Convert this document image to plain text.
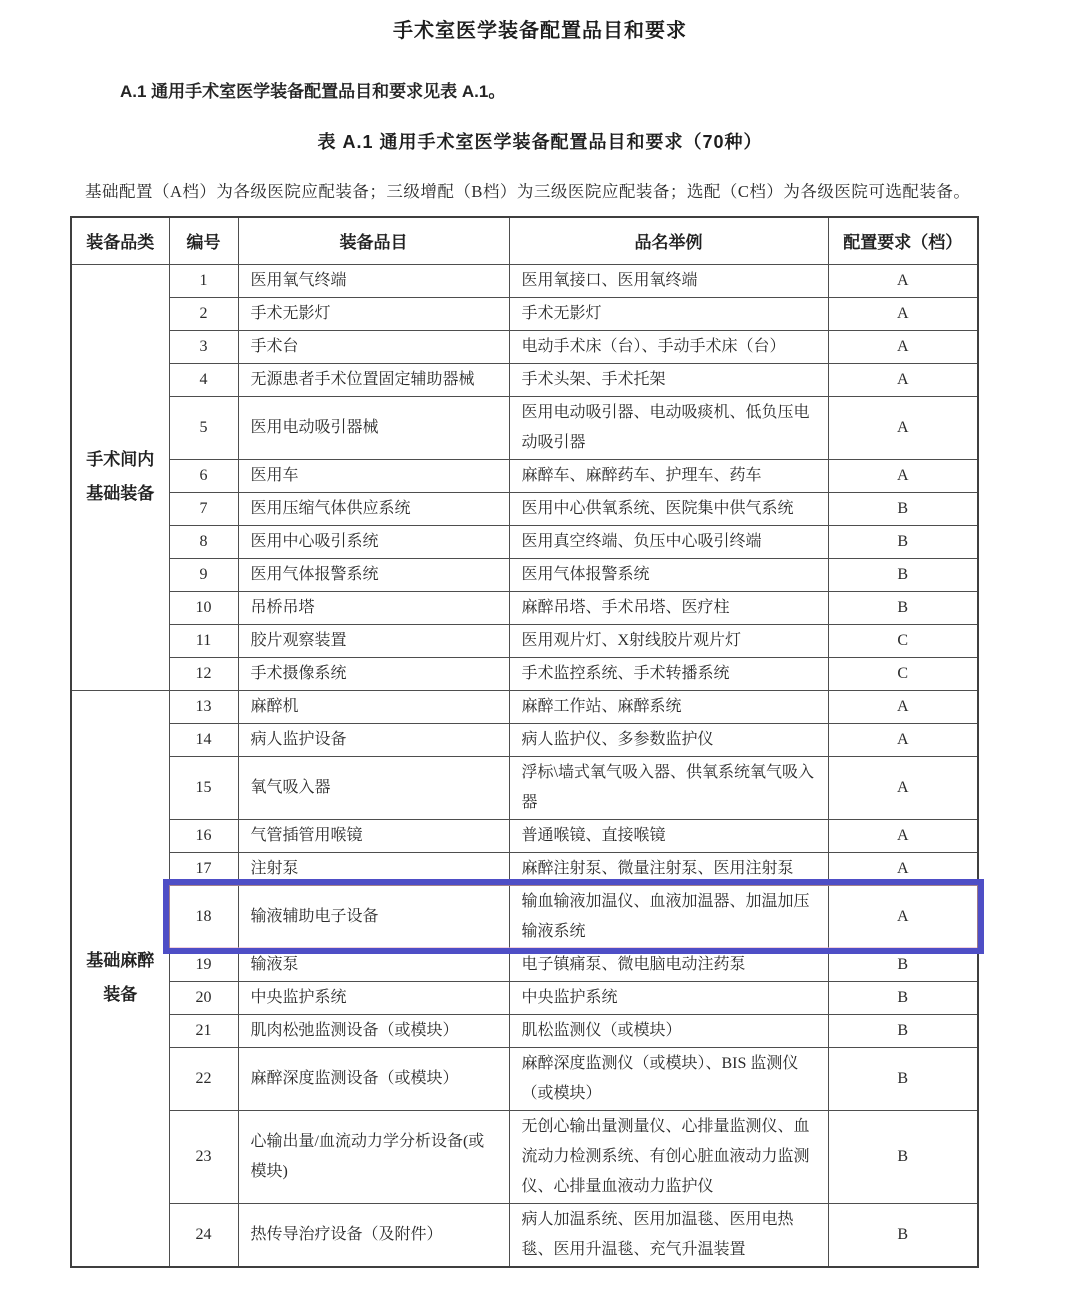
手术室医学装备配置品目和要求

A.1 通用手术室医学装备配置品目和要求见表 A.1。

表 A.1 通用手术室医学装备配置品目和要求（70种）

基础配置（A档）为各级医院应配装备；三级增配（B档）为三级医院应配装备；选配（C档）为各级医院可选配装备。

装备品类	编号	装备品目	品名举例	配置要求（档）

手术间内
基础装备	1	医用氧气终端	医用氧接口、医用氧终端	A
	2	手术无影灯	手术无影灯	A
	3	手术台	电动手术床（台）、手动手术床（台）	A
	4	无源患者手术位置固定辅助器械	手术头架、手术托架	A
	5	医用电动吸引器械	医用电动吸引器、电动吸痰机、低负压电动吸引器	A
	6	医用车	麻醉车、麻醉药车、护理车、药车	A
	7	医用压缩气体供应系统	医用中心供氧系统、医院集中供气系统	B
	8	医用中心吸引系统	医用真空终端、负压中心吸引终端	B
	9	医用气体报警系统	医用气体报警系统	B
	10	吊桥吊塔	麻醉吊塔、手术吊塔、医疗柱	B
	11	胶片观察装置	医用观片灯、X射线胶片观片灯	C
	12	手术摄像系统	手术监控系统、手术转播系统	C

基础麻醉
装备	13	麻醉机	麻醉工作站、麻醉系统	A
	14	病人监护设备	病人监护仪、多参数监护仪	A
	15	氧气吸入器	浮标\墙式氧气吸入器、供氧系统氧气吸入器	A
	16	气管插管用喉镜	普通喉镜、直接喉镜	A
	17	注射泵	麻醉注射泵、微量注射泵、医用注射泵	A
	18	输液辅助电子设备	输血输液加温仪、血液加温器、加温加压输液系统	A
	19	输液泵	电子镇痛泵、微电脑电动注药泵	B
	20	中央监护系统	中央监护系统	B
	21	肌肉松弛监测设备（或模块）	肌松监测仪（或模块）	B
	22	麻醉深度监测设备（或模块）	麻醉深度监测仪（或模块）、BIS 监测仪（或模块）	B
	23	心输出量/血流动力学分析设备(或模块)	无创心输出量测量仪、心排量监测仪、血流动力检测系统、有创心脏血液动力监测仪、心排量血液动力监护仪	B
	24	热传导治疗设备（及附件）	病人加温系统、医用加温毯、医用电热毯、医用升温毯、充气升温装置	B
